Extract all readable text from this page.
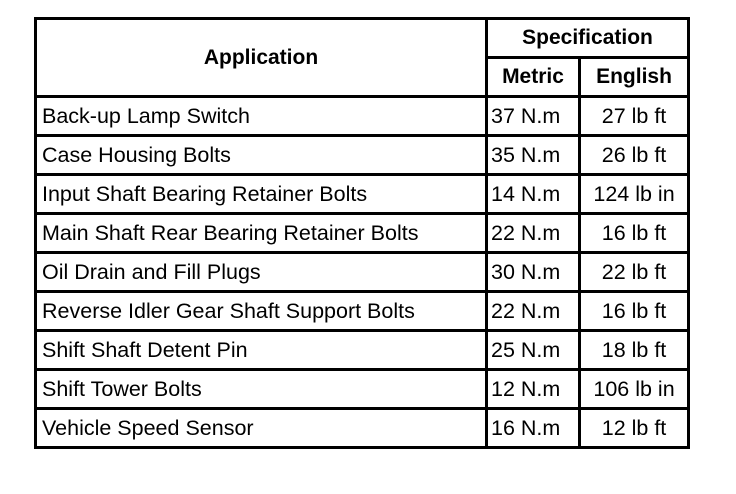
Application	Specification	
	Metric	English
Back-up Lamp Switch	37 N.m	27 lb ft
Case Housing Bolts	35 N.m	26 lb ft
Input Shaft Bearing Retainer Bolts	14 N.m	124 lb in
Main Shaft Rear Bearing Retainer Bolts	22 N.m	16 lb ft
Oil Drain and Fill Plugs	30 N.m	22 lb ft
Reverse Idler Gear Shaft Support Bolts	22 N.m	16 lb ft
Shift Shaft Detent Pin	25 N.m	18 lb ft
Shift Tower Bolts	12 N.m	106 lb in
Vehicle Speed Sensor	16 N.m	12 lb ft
